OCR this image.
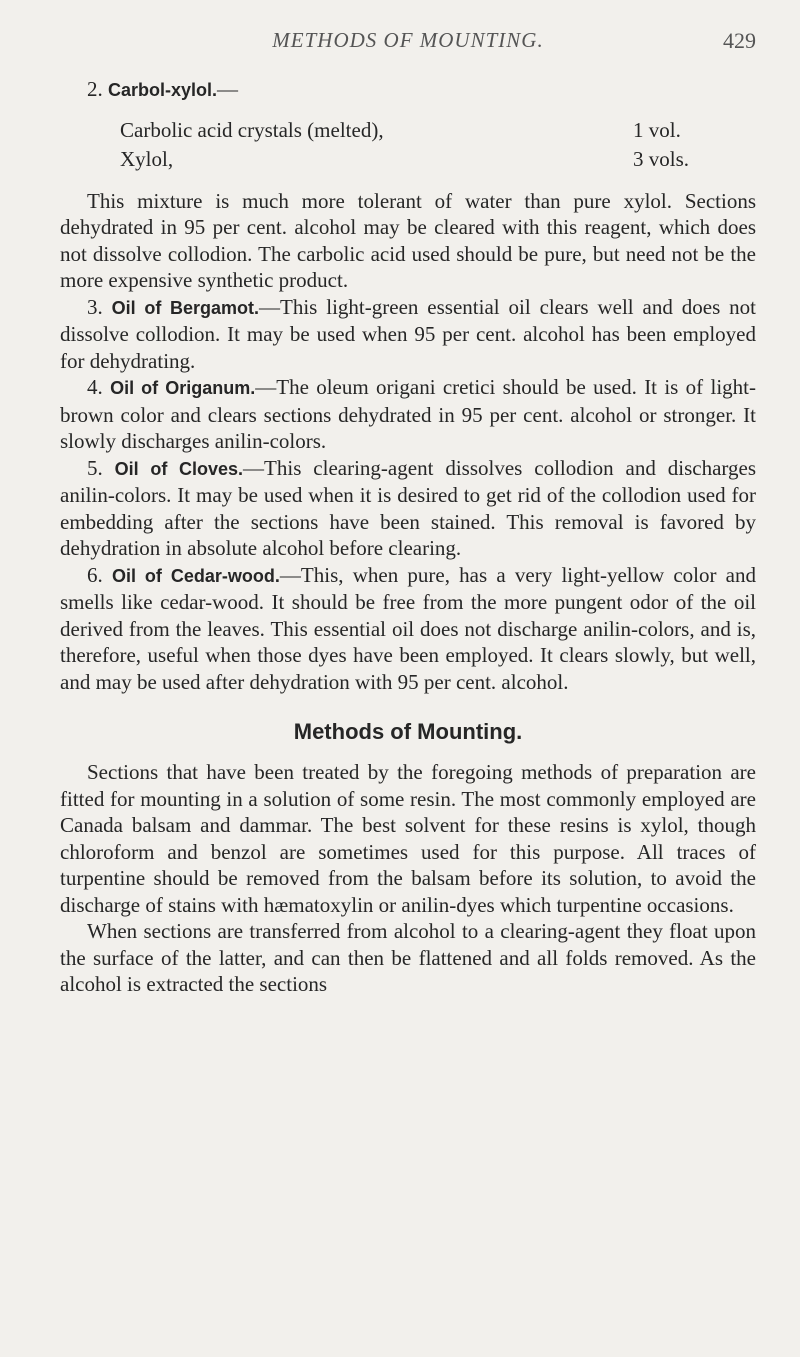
METHODS OF MOUNTING.	429

2. Carbol-xylol.—

Carbolic acid crystals (melted),	1 vol.
Xylol,	3 vols.

This mixture is much more tolerant of water than pure xylol. Sections dehydrated in 95 per cent. alcohol may be cleared with this reagent, which does not dissolve collodion. The carbolic acid used should be pure, but need not be the more expensive synthetic product.

3. Oil of Bergamot.—This light-green essential oil clears well and does not dissolve collodion. It may be used when 95 per cent. alcohol has been employed for dehydrating.

4. Oil of Origanum.—The oleum origani cretici should be used. It is of light-brown color and clears sections dehydrated in 95 per cent. alcohol or stronger. It slowly discharges anilin-colors.

5. Oil of Cloves.—This clearing-agent dissolves collodion and discharges anilin-colors. It may be used when it is desired to get rid of the collodion used for embedding after the sections have been stained. This removal is favored by dehydration in absolute alcohol before clearing.

6. Oil of Cedar-wood.—This, when pure, has a very light-yellow color and smells like cedar-wood. It should be free from the more pungent odor of the oil derived from the leaves. This essential oil does not discharge anilin-colors, and is, therefore, useful when those dyes have been employed. It clears slowly, but well, and may be used after dehydration with 95 per cent. alcohol.

Methods of Mounting.

Sections that have been treated by the foregoing methods of preparation are fitted for mounting in a solution of some resin. The most commonly employed are Canada balsam and dammar. The best solvent for these resins is xylol, though chloroform and benzol are sometimes used for this purpose. All traces of turpentine should be removed from the balsam before its solution, to avoid the discharge of stains with hæmatoxylin or anilin-dyes which turpentine occasions.

When sections are transferred from alcohol to a clearing-agent they float upon the surface of the latter, and can then be flattened and all folds removed. As the alcohol is extracted the sections
